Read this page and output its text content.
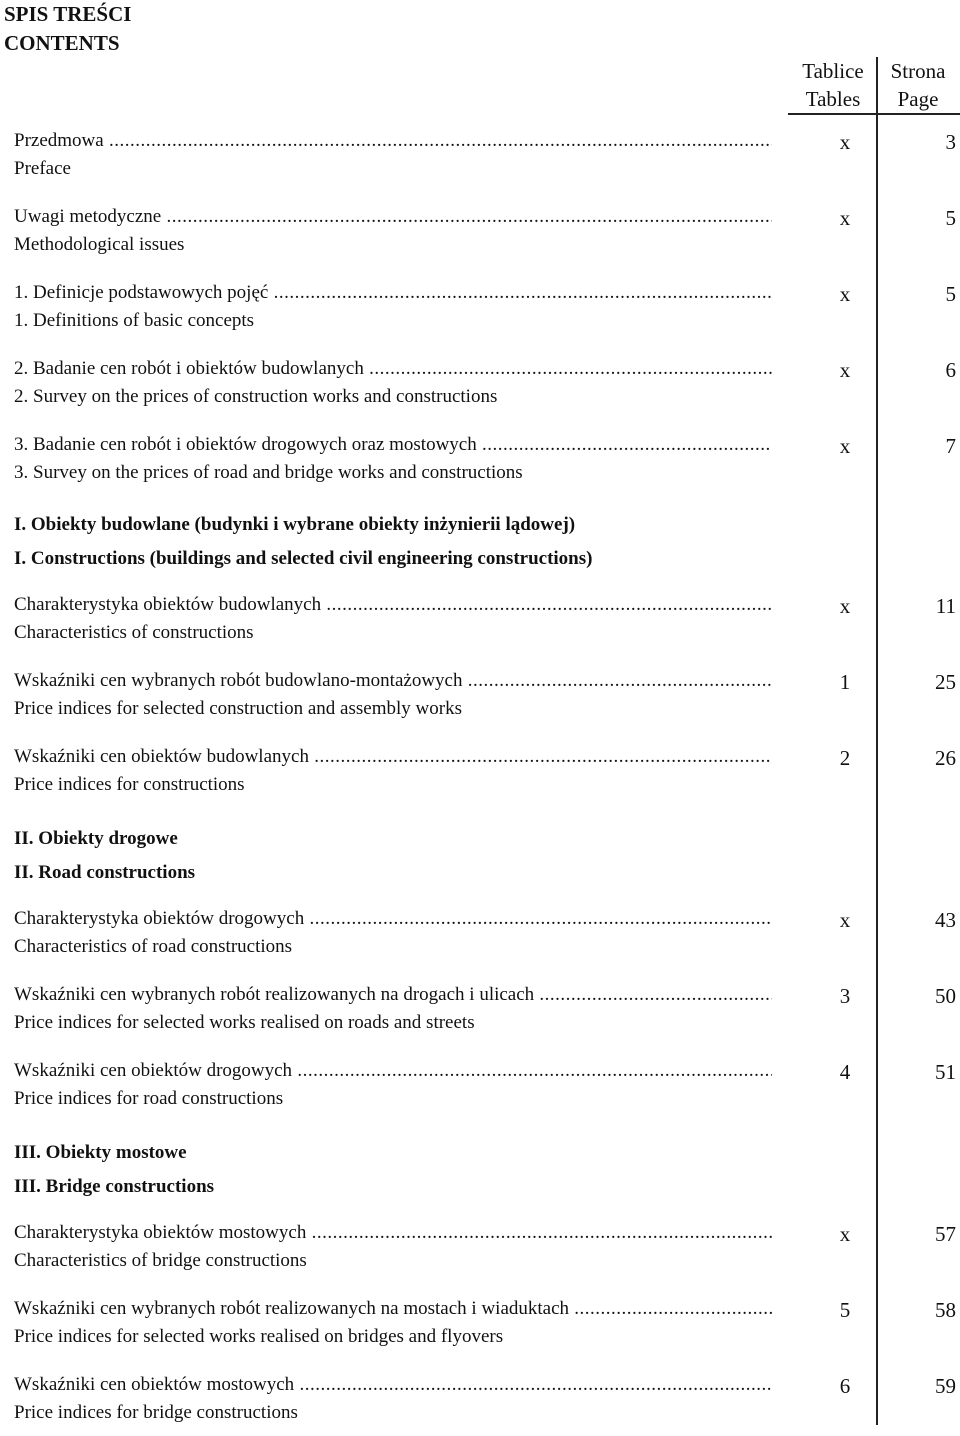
SPIS TREŚCI
CONTENTS
Tablice
Tables
Strona
Page
Przedmowa .....
Preface
x	3
Uwagi metodyczne .....
Methodological issues
x	5
1. Definicje podstawowych pojęć .....
1. Definitions of basic concepts
x	5
2. Badanie cen robót i obiektów budowlanych .....
2. Survey on the prices of construction works and constructions
x	6
3. Badanie cen robót i obiektów drogowych oraz mostowych .....
3. Survey on the prices of road and bridge works and constructions
x	7
I. Obiekty budowlane (budynki i wybrane obiekty inżynierii lądowej)
I. Constructions (buildings and selected civil engineering constructions)
Charakterystyka obiektów budowlanych .....
Characteristics of constructions
x	11
Wskaźniki cen wybranych robót budowlano-montażowych .....
Price indices for selected construction and assembly works
1	25
Wskaźniki cen obiektów budowlanych .....
Price indices for constructions
2	26
II. Obiekty drogowe
II. Road constructions
Charakterystyka obiektów drogowych .....
Characteristics of road constructions
x	43
Wskaźniki cen wybranych robót realizowanych na drogach i ulicach .....
Price indices for selected works realised on roads and streets
3	50
Wskaźniki cen obiektów drogowych .....
Price indices for road constructions
4	51
III. Obiekty mostowe
III. Bridge constructions
Charakterystyka obiektów mostowych .....
Characteristics of bridge constructions
x	57
Wskaźniki cen wybranych robót realizowanych na mostach i wiaduktach .....
Price indices for selected works realised on bridges and flyovers
5	58
Wskaźniki cen obiektów mostowych .....
Price indices for bridge constructions
6	59
